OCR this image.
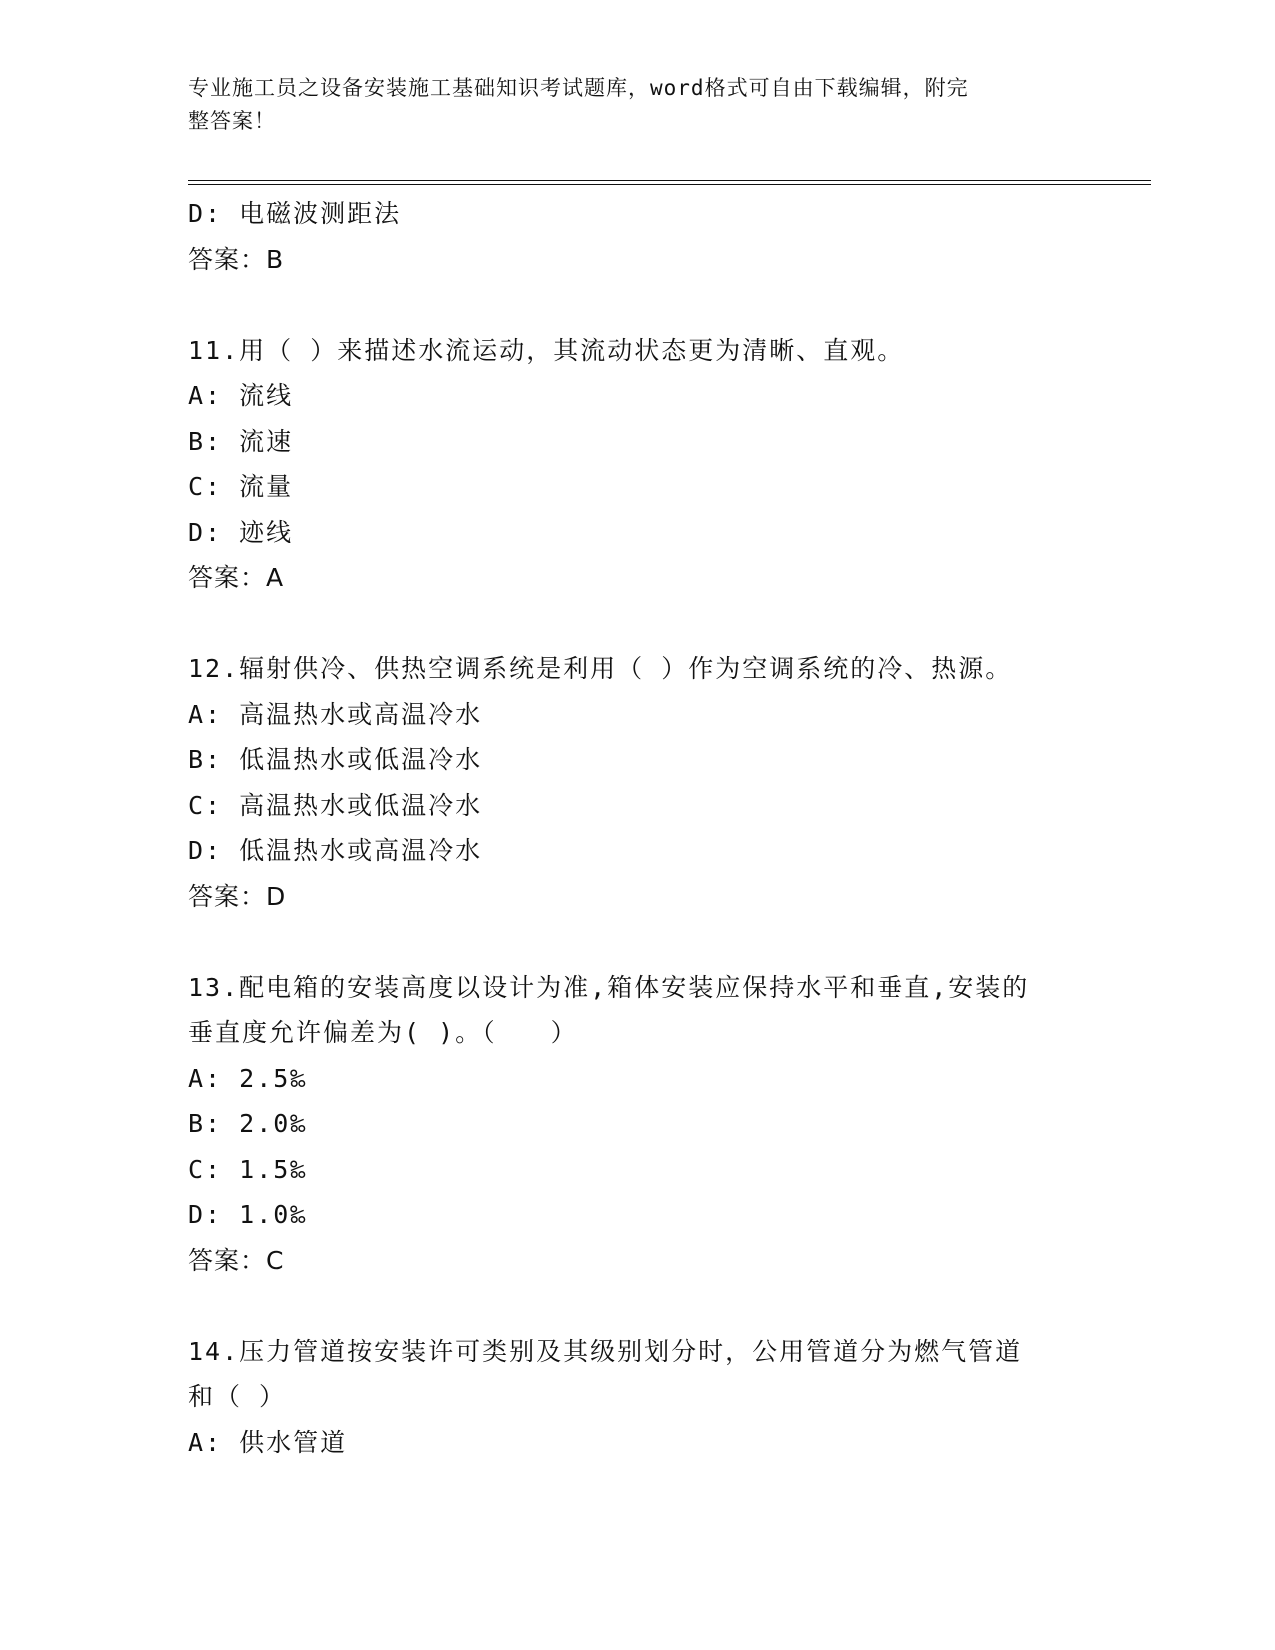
专业施工员之设备安装施工基础知识考试题库，word格式可自由下载编辑，附完
整答案！
D: 电磁波测距法
答案：B
11.用（ ）来描述水流运动，其流动状态更为清晰、直观。
A: 流线
B: 流速
C: 流量
D: 迹线
答案：A
12.辐射供冷、供热空调系统是利用（ ）作为空调系统的冷、热源。
A: 高温热水或高温冷水
B: 低温热水或低温冷水
C: 高温热水或低温冷水
D: 低温热水或高温冷水
答案：D
13.配电箱的安装高度以设计为准,箱体安装应保持水平和垂直,安装的
垂直度允许偏差为( )。（　　）
A: 2.5‰
B: 2.0‰
C: 1.5‰
D: 1.0‰
答案：C
14.压力管道按安装许可类别及其级别划分时，公用管道分为燃气管道
和（ ）
A: 供水管道
